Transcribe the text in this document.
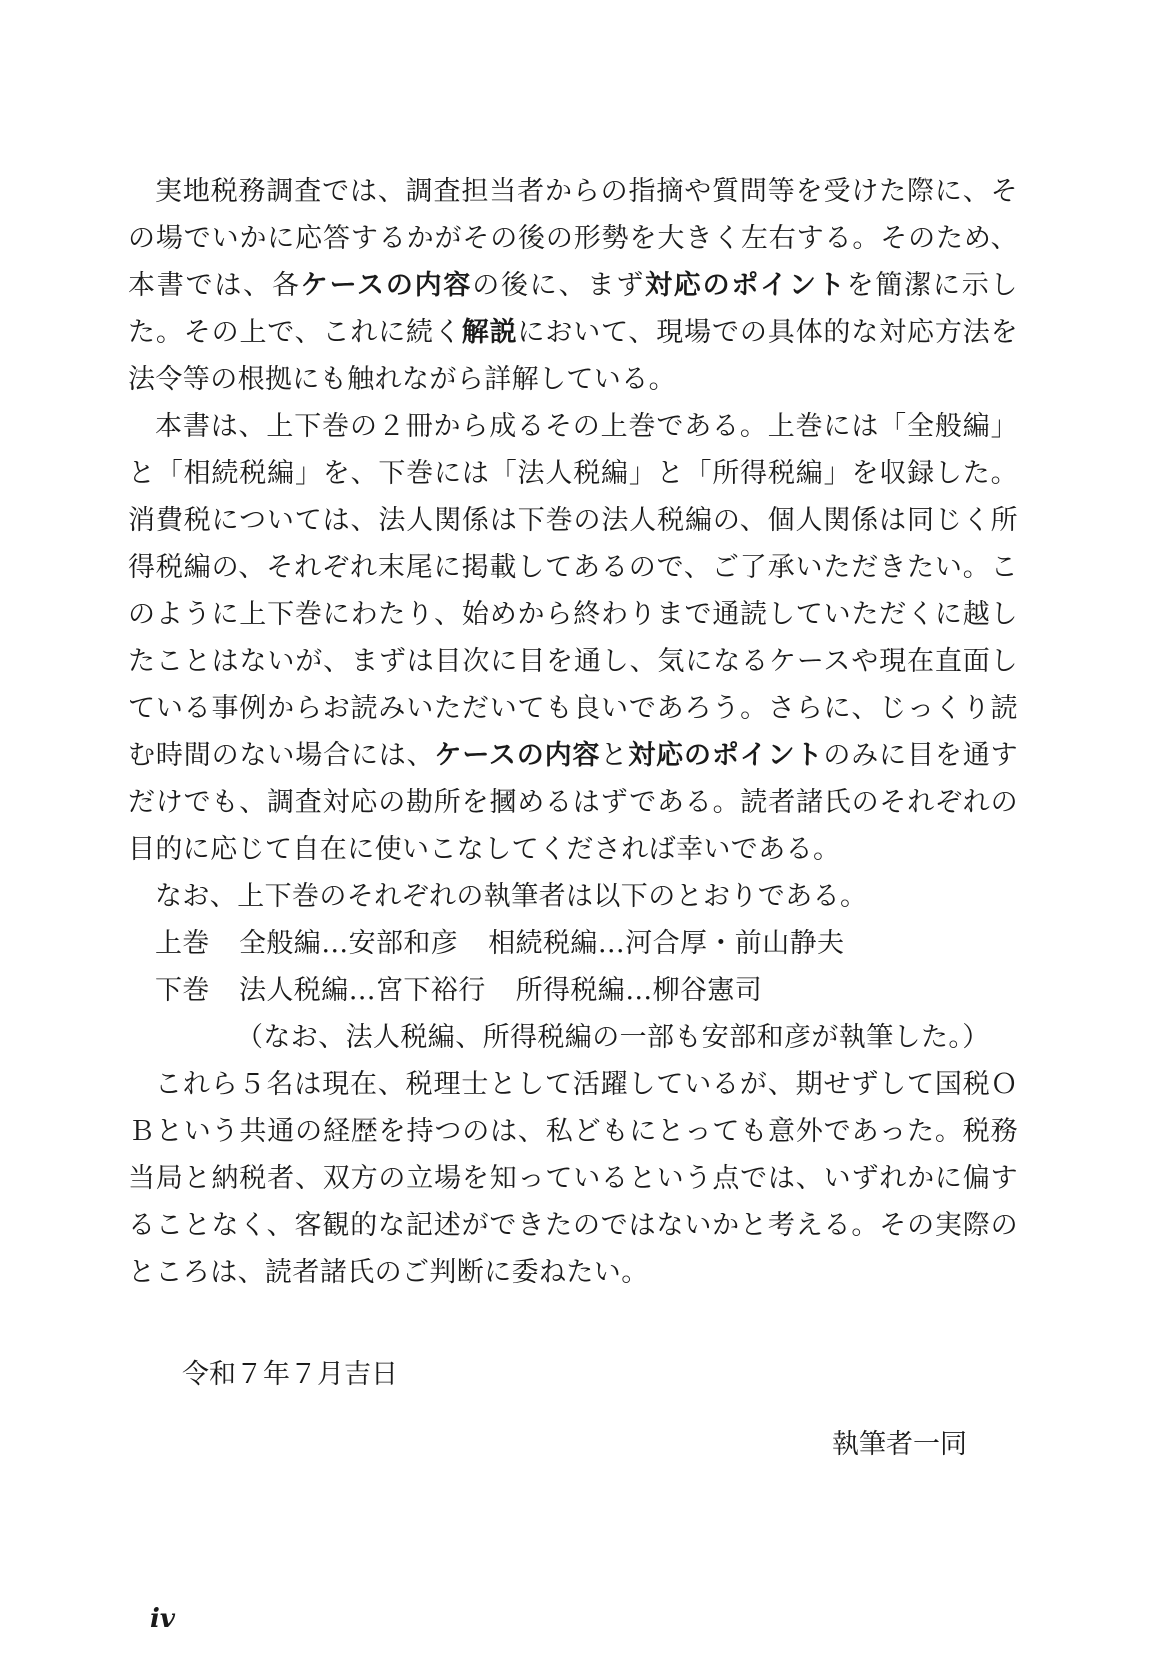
実地税務調査では、調査担当者からの指摘や質問等を受けた際に、その場でいかに応答するかがその後の形勢を大きく左右する。そのため、本書では、各ケースの内容の後に、まず対応のポイントを簡潔に示した。その上で、これに続く解説において、現場での具体的な対応方法を法令等の根拠にも触れながら詳解している。

本書は、上下巻の２冊から成るその上巻である。上巻には「全般編」と「相続税編」を、下巻には「法人税編」と「所得税編」を収録した。消費税については、法人関係は下巻の法人税編の、個人関係は同じく所得税編の、それぞれ末尾に掲載してあるので、ご了承いただきたい。このように上下巻にわたり、始めから終わりまで通読していただくに越したことはないが、まずは目次に目を通し、気になるケースや現在直面している事例からお読みいただいても良いであろう。さらに、じっくり読む時間のない場合には、ケースの内容と対応のポイントのみに目を通すだけでも、調査対応の勘所を摑めるはずである。読者諸氏のそれぞれの目的に応じて自在に使いこなしてくだされば幸いである。

なお、上下巻のそれぞれの執筆者は以下のとおりである。

上巻 全般編…安部和彦 相続税編…河合厚・前山静夫

下巻 法人税編…宮下裕行 所得税編…柳谷憲司

（なお、法人税編、所得税編の一部も安部和彦が執筆した。）

これら５名は現在、税理士として活躍しているが、期せずして国税ＯＢという共通の経歴を持つのは、私どもにとっても意外であった。税務当局と納税者、双方の立場を知っているという点では、いずれかに偏することなく、客観的な記述ができたのではないかと考える。その実際のところは、読者諸氏のご判断に委ねたい。

令和７年７月吉日
執筆者一同
iv
